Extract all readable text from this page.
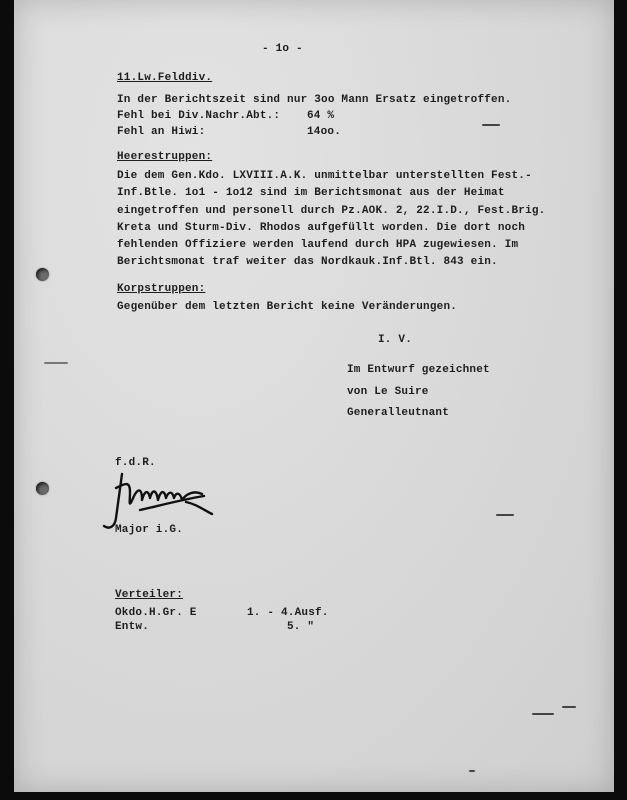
- 1o -
11.Lw.Felddiv.
In der Berichtszeit sind nur 3oo Mann Ersatz eingetroffen.
Fehl bei Div.Nachr.Abt.: 64 %
Fehl an Hiwi:	14oo.
Heerestruppen:
Die dem Gen.Kdo. LXVIII.A.K. unmittelbar unterstellten Fest.-
Inf.Btle. 1o1 - 1o12 sind im Berichtsmonat aus der Heimat
eingetroffen und personell durch Pz.AOK. 2, 22.I.D., Fest.Brig.
Kreta und Sturm-Div. Rhodos aufgefüllt worden. Die dort noch
fehlenden Offiziere werden laufend durch HPA zugewiesen. Im
Berichtsmonat traf weiter das Nordkauk.Inf.Btl. 843 ein.
Korpstruppen:
Gegenüber dem letzten Bericht keine Veränderungen.
I. V.
Im Entwurf gezeichnet
von Le Suire
Generalleutnant
f.d.R.
Major i.G.
Verteiler:
Okdo.H.Gr. E	1. - 4.Ausf.
Entw.	5. "
